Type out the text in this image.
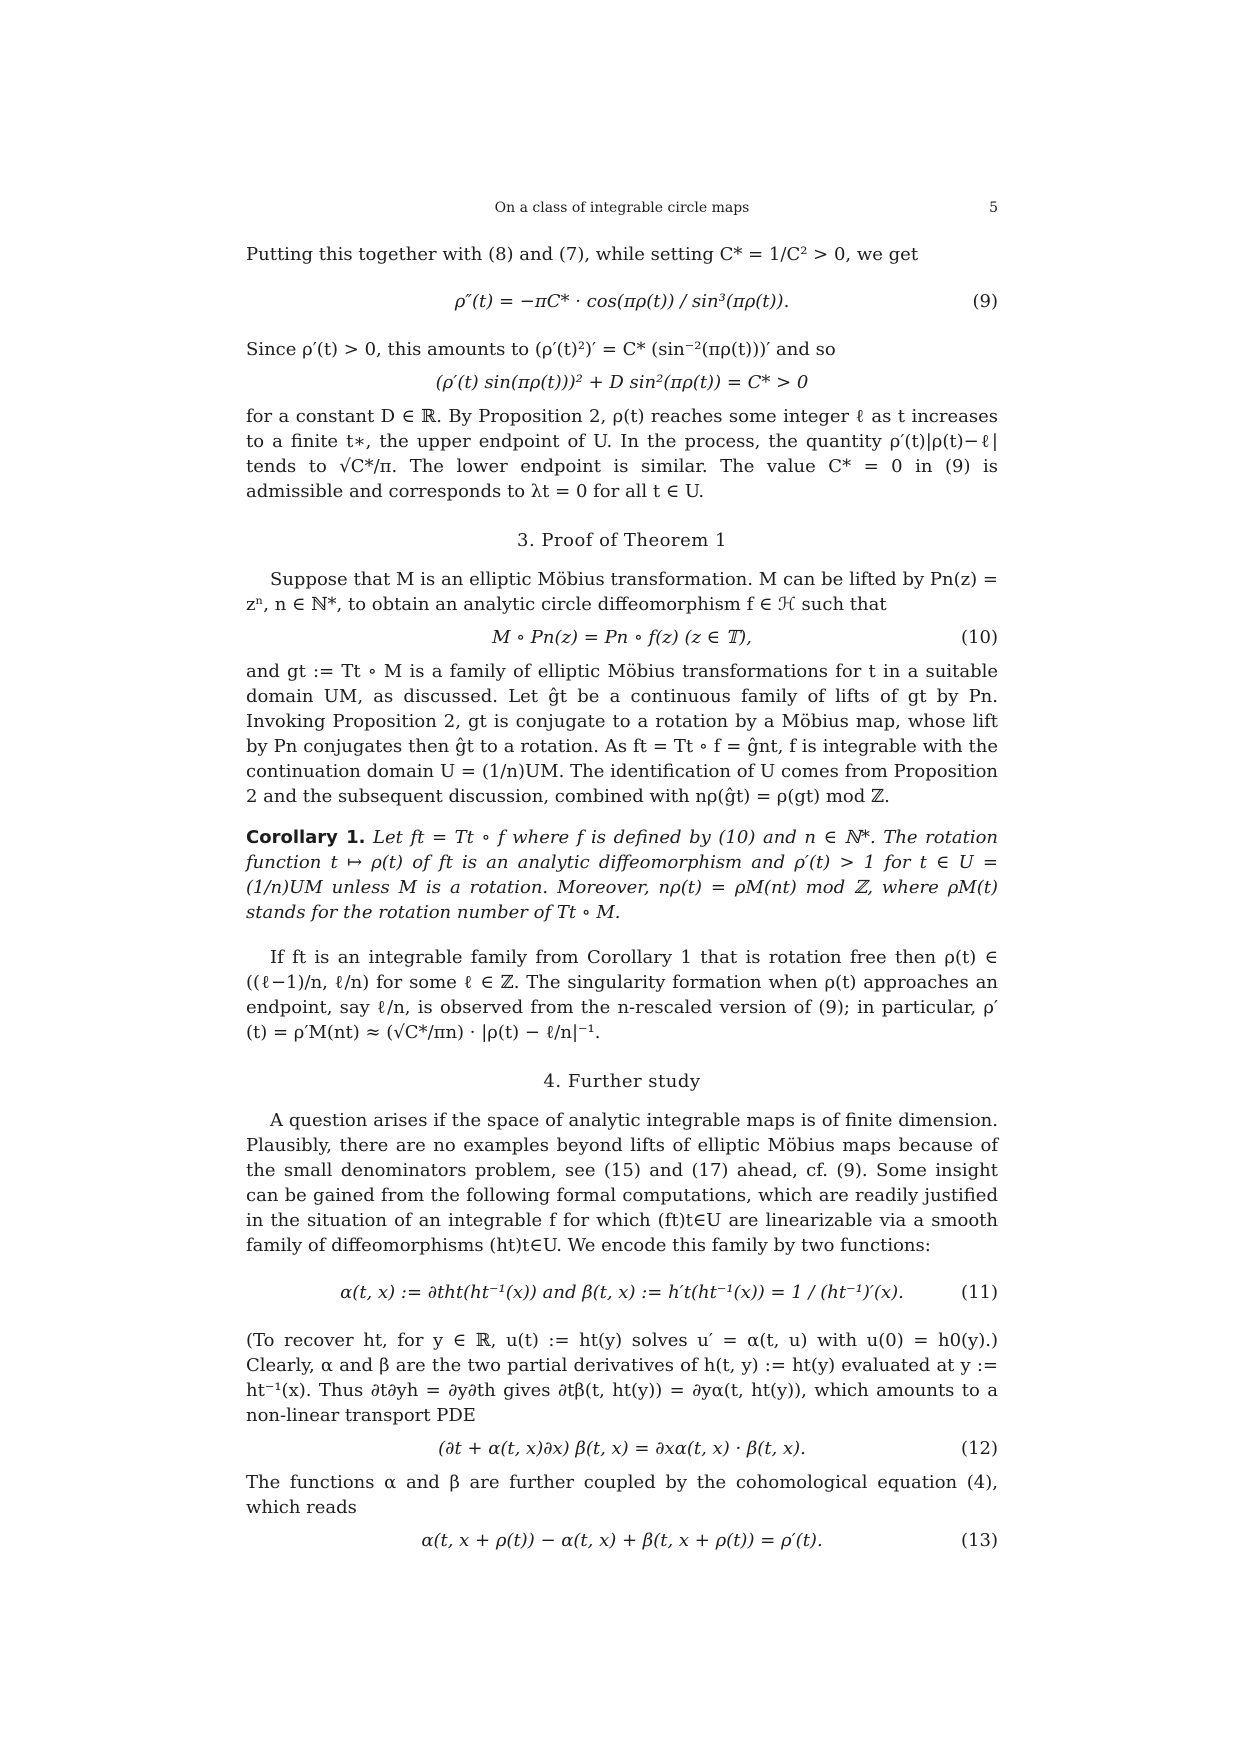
On a class of integrable circle maps	5

Putting this together with (8) and (7), while setting C* = 1/C² > 0, we get

ρ″(t) = −πC* · cos(πρ(t)) / sin³(πρ(t)).	(9)

Since ρ′(t) > 0, this amounts to (ρ′(t)²)′ = C* (sin⁻²(πρ(t)))′ and so

(ρ′(t) sin(πρ(t)))² + D sin²(πρ(t)) = C* > 0

for a constant D ∈ ℝ. By Proposition 2, ρ(t) reaches some integer ℓ as t increases to a finite t∗, the upper endpoint of U. In the process, the quantity ρ′(t)|ρ(t)−ℓ| tends to √C*/π. The lower endpoint is similar. The value C* = 0 in (9) is admissible and corresponds to λt = 0 for all t ∈ U.

3. Proof of Theorem 1

Suppose that M is an elliptic Möbius transformation. M can be lifted by Pn(z) = zⁿ, n ∈ ℕ*, to obtain an analytic circle diffeomorphism f ∈ ℋ such that

M ∘ Pn(z) = Pn ∘ f(z) (z ∈ 𝕋),	(10)

and gt := Tt ∘ M is a family of elliptic Möbius transformations for t in a suitable domain UM, as discussed. Let ĝt be a continuous family of lifts of gt by Pn. Invoking Proposition 2, gt is conjugate to a rotation by a Möbius map, whose lift by Pn conjugates then ĝt to a rotation. As ft = Tt ∘ f = ĝnt, f is integrable with the continuation domain U = (1/n)UM. The identification of U comes from Proposition 2 and the subsequent discussion, combined with nρ(ĝt) = ρ(gt) mod ℤ.

Corollary 1. Let ft = Tt ∘ f where f is defined by (10) and n ∈ ℕ*. The rotation function t ↦ ρ(t) of ft is an analytic diffeomorphism and ρ′(t) > 1 for t ∈ U = (1/n)UM unless M is a rotation. Moreover, nρ(t) = ρM(nt) mod ℤ, where ρM(t) stands for the rotation number of Tt ∘ M.

If ft is an integrable family from Corollary 1 that is rotation free then ρ(t) ∈ ((ℓ−1)/n, ℓ/n) for some ℓ ∈ ℤ. The singularity formation when ρ(t) approaches an endpoint, say ℓ/n, is observed from the n-rescaled version of (9); in particular, ρ′(t) = ρ′M(nt) ≈ (√C*/πn) · |ρ(t) − ℓ/n|⁻¹.

4. Further study

A question arises if the space of analytic integrable maps is of finite dimension. Plausibly, there are no examples beyond lifts of elliptic Möbius maps because of the small denominators problem, see (15) and (17) ahead, cf. (9). Some insight can be gained from the following formal computations, which are readily justified in the situation of an integrable f for which (ft)t∈U are linearizable via a smooth family of diffeomorphisms (ht)t∈U. We encode this family by two functions:

α(t, x) := ∂tht(ht⁻¹(x)) and β(t, x) := h′t(ht⁻¹(x)) = 1 / (ht⁻¹)′(x).	(11)

(To recover ht, for y ∈ ℝ, u(t) := ht(y) solves u′ = α(t, u) with u(0) = h0(y).) Clearly, α and β are the two partial derivatives of h(t, y) := ht(y) evaluated at y := ht⁻¹(x). Thus ∂t∂yh = ∂y∂th gives ∂tβ(t, ht(y)) = ∂yα(t, ht(y)), which amounts to a non-linear transport PDE

(∂t + α(t, x)∂x) β(t, x) = ∂xα(t, x) · β(t, x).	(12)

The functions α and β are further coupled by the cohomological equation (4), which reads

α(t, x + ρ(t)) − α(t, x) + β(t, x + ρ(t)) = ρ′(t).	(13)
